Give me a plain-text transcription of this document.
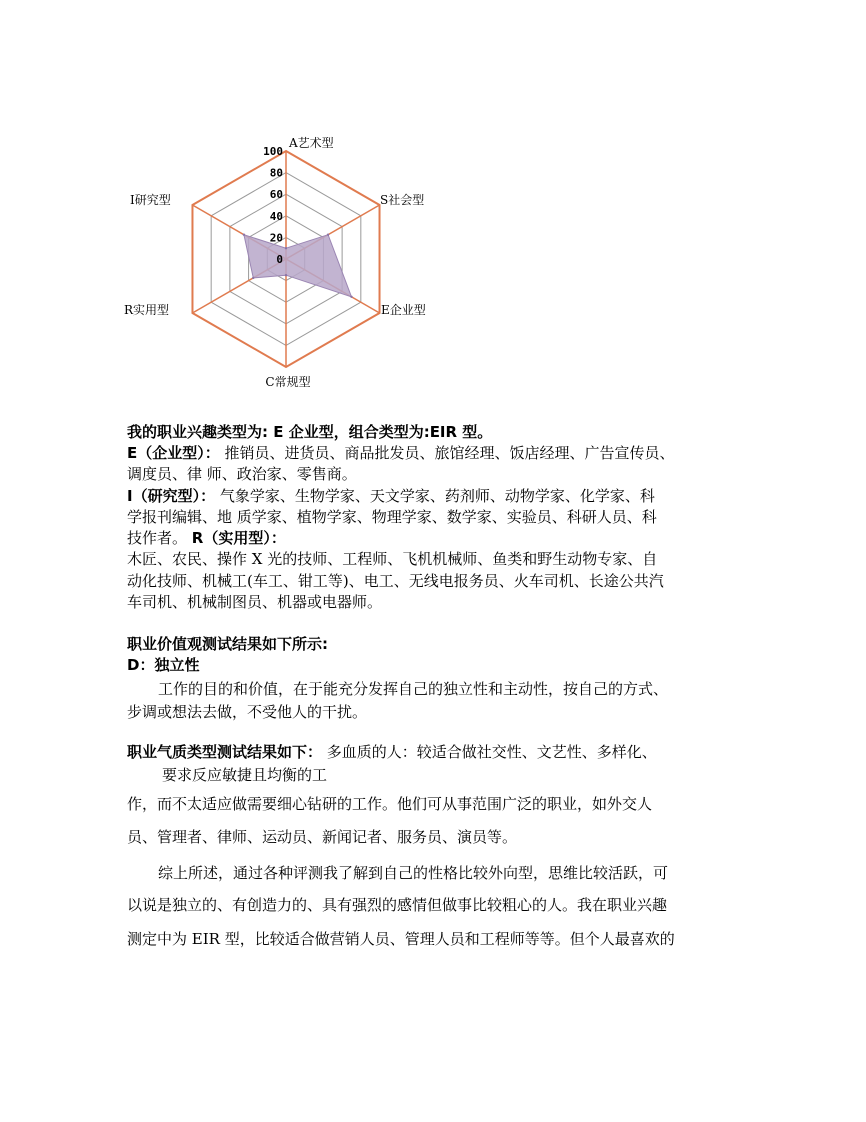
0
20
40
60
80
100
A艺术型
S社会型
E企业型
C常规型
R实用型
I研究型

我的职业兴趣类型为: E 企业型，组合类型为:EIR 型。

E（企业型）： 推销员、进货员、商品批发员、旅馆经理、饭店经理、广告宣传员、

调度员、律 师、政治家、零售商。

I（研究型）： 气象学家、生物学家、天文学家、药剂师、动物学家、化学家、科

学报刊编辑、地 质学家、植物学家、物理学家、数学家、实验员、科研人员、科

技作者。 R（实用型）：

木匠、农民、操作 X 光的技师、工程师、飞机机械师、鱼类和野生动物专家、自

动化技师、机械工(车工、钳工等)、电工、无线电报务员、火车司机、长途公共汽

车司机、机械制图员、机器或电器师。

职业价值观测试结果如下所示:

D：独立性

工作的目的和价值，在于能充分发挥自己的独立性和主动性，按自己的方式、

步调或想法去做，不受他人的干扰。

职业气质类型测试结果如下： 多血质的人：较适合做社交性、文艺性、多样化、

要求反应敏捷且均衡的工

作，而不太适应做需要细心钻研的工作。他们可从事范围广泛的职业，如外交人

员、管理者、律师、运动员、新闻记者、服务员、演员等。

综上所述，通过各种评测我了解到自己的性格比较外向型，思维比较活跃，可

以说是独立的、有创造力的、具有强烈的感情但做事比较粗心的人。我在职业兴趣

测定中为 EIR 型，比较适合做营销人员、管理人员和工程师等等。但个人最喜欢的
